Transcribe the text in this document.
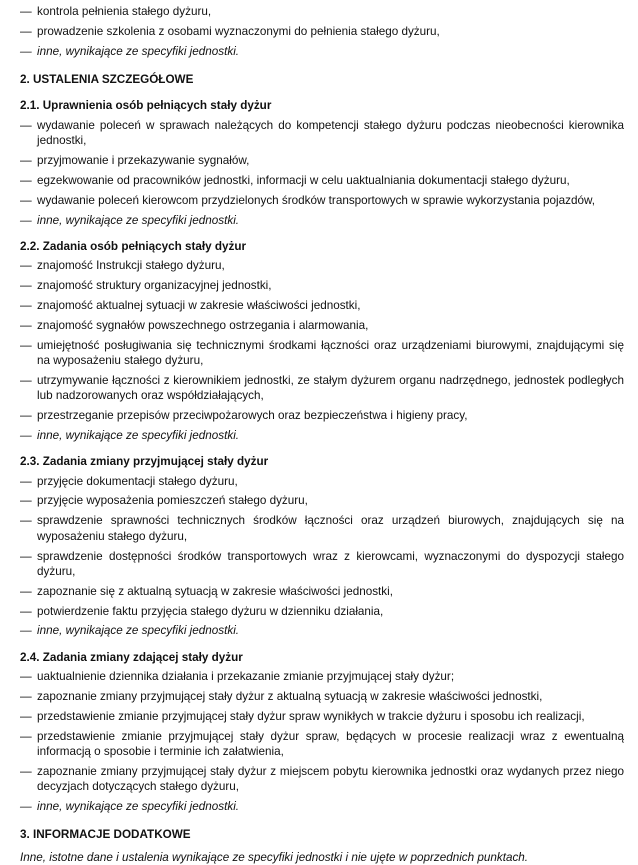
— kontrola pełnienia stałego dyżuru,
— prowadzenie szkolenia z osobami wyznaczonymi do pełnienia stałego dyżuru,
— inne, wynikające ze specyfiki jednostki.
2. USTALENIA SZCZEGÓŁOWE
2.1. Uprawnienia osób pełniących stały dyżur
— wydawanie poleceń w sprawach należących do kompetencji stałego dyżuru podczas nieobecności kierownika jednostki,
— przyjmowanie i przekazywanie sygnałów,
— egzekwowanie od pracowników jednostki, informacji w celu uaktualniania dokumentacji stałego dyżuru,
— wydawanie poleceń kierowcom przydzielonych środków transportowych w sprawie wykorzystania pojazdów,
— inne, wynikające ze specyfiki jednostki.
2.2. Zadania osób pełniących stały dyżur
— znajomość Instrukcji stałego dyżuru,
— znajomość struktury organizacyjnej jednostki,
— znajomość aktualnej sytuacji w zakresie właściwości jednostki,
— znajomość sygnałów powszechnego ostrzegania i alarmowania,
— umiejętność posługiwania się technicznymi środkami łączności oraz urządzeniami biurowymi, znajdującymi się na wyposażeniu stałego dyżuru,
— utrzymywanie łączności z kierownikiem jednostki, ze stałym dyżurem organu nadrzędnego, jednostek podległych lub nadzorowanych oraz współdziałających,
— przestrzeganie przepisów przeciwpożarowych oraz bezpieczeństwa i higieny pracy,
— inne, wynikające ze specyfiki jednostki.
2.3. Zadania zmiany przyjmującej stały dyżur
— przyjęcie dokumentacji stałego dyżuru,
— przyjęcie wyposażenia pomieszczeń stałego dyżuru,
— sprawdzenie sprawności technicznych środków łączności oraz urządzeń biurowych, znajdujących się na wyposażeniu stałego dyżuru,
— sprawdzenie dostępności środków transportowych wraz z kierowcami, wyznaczonymi do dyspozycji stałego dyżuru,
— zapoznanie się z aktualną sytuacją w zakresie właściwości jednostki,
— potwierdzenie faktu przyjęcia stałego dyżuru w dzienniku działania,
— inne, wynikające ze specyfiki jednostki.
2.4. Zadania zmiany zdającej stały dyżur
— uaktualnienie dziennika działania i przekazanie zmianie przyjmującej stały dyżur;
— zapoznanie zmiany przyjmującej stały dyżur z aktualną sytuacją w zakresie właściwości jednostki,
— przedstawienie zmianie przyjmującej stały dyżur spraw wynikłych w trakcie dyżuru i sposobu ich realizacji,
— przedstawienie zmianie przyjmującej stały dyżur spraw, będących w procesie realizacji wraz z ewentualną informacją o sposobie i terminie ich załatwienia,
— zapoznanie zmiany przyjmującej stały dyżur z miejscem pobytu kierownika jednostki oraz wydanych przez niego decyzjach dotyczących stałego dyżuru,
— inne, wynikające ze specyfiki jednostki.
3. INFORMACJE DODATKOWE
Inne, istotne dane i ustalenia wynikające ze specyfiki jednostki i nie ujęte w poprzednich punktach.
